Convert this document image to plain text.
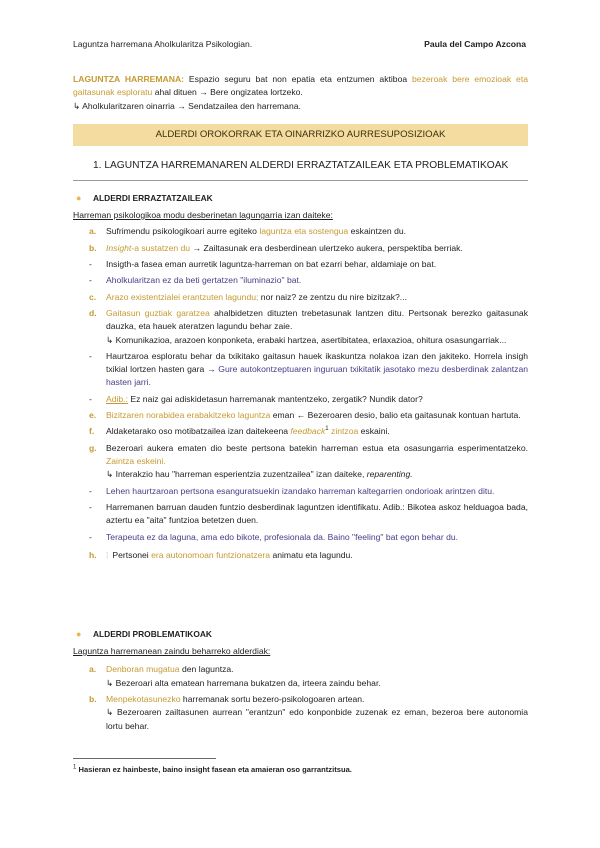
Laguntza harremana Aholkularitza Psikologian.	Paula del Campo Azcona

LAGUNTZA HARREMANA: Espazio seguru bat non epatia eta entzumen aktiboa bezeroak bere emozioak eta gaitasunak esploratu ahal dituen → Bere ongizatea lortzeko.

↳ Aholkularitzaren oinarria → Sendatzailea den harremana.

ALDERDI OROKORRAK ETA OINARRIZKO AURRESUPOSIZIOAK
1. LAGUNTZA HARREMANAREN ALDERDI ERRAZTATZAILEAK ETA PROBLEMATIKOAK
● ALDERDI ERRAZTATZAILEAK
Harreman psikologikoa modu desberinetan lagungarria izan daiteke:
a. Sufrimendu psikologikoari aurre egiteko laguntza eta sostengua eskaintzen du.
b. Insight-a sustatzen du → Zailtasunak era desberdinean ulertzeko aukera, perspektiba berriak.
- Insigth-a fasea eman aurretik laguntza-harreman on bat ezarri behar, aldamiaje on bat.
- Aholkularitzan ez da beti gertatzen "iluminazio" bat.
c. Arazo existentzialei erantzuten lagundu; nor naiz? ze zentzu du nire bizitzak?...
d. Gaitasun guztiak garatzea ahalbidetzen dituzten trebetasunak lantzen ditu. Pertsonak berezko gaitasunak dauzka, eta hauek ateratzen lagundu behar zaie.
↳ Komunikazioa, arazoen konponketa, erabaki hartzea, asertibitatea, erlaxazioa, ohitura osasungarriak...
- Haurtzaroa esploratu behar da txikitako gaitasun hauek ikaskuntza nolakoa izan den jakiteko. Horrela insigh txikial lortzen hasten gara → Gure autokontzeptuaren inguruan txikitatik jasotako mezu desberdinak zalantzan hasten jarri.
- Adib.: Ez naiz gai adiskidetasun harremanak mantentzeko, zergatik? Nundik dator?
e. Bizitzaren norabidea erabakitzeko laguntza eman ← Bezeroaren desio, balio eta gaitasunak kontuan hartuta.
f. Aldaketarako oso motibatzailea izan daitekeena feedback$^1$ zintzoa eskaini.
g. Bezeroari aukera ematen dio beste pertsona batekin harreman estua eta osasungarria esperimentatzeko. Zaintza eskeini.
↳ Interakzio hau "harreman esperientzia zuzentzailea" izan daiteke, reparenting.
- Lehen haurtzaroan pertsona esanguratsuekin izandako harreman kaltegarrien ondorioak arintzen ditu.
- Harremanen barruan dauden funtzio desberdinak laguntzen identifikatu. Adib.: Bikotea askoz helduagoa bada, aztertu ea "aita" funtzioa betetzen duen.
- Terapeuta ez da laguna, ama edo bikote, profesionala da. Baino "feeling" bat egon behar du.
h. ⁞ Pertsonei era autonomoan funtzionatzera animatu eta lagundu.
● ALDERDI PROBLEMATIKOAK
Laguntza harremanean zaindu beharreko alderdiak:
a. Denboran mugatua den laguntza.
↳ Bezeroari alta ematean harremana bukatzen da, irteera zaindu behar.
b. Menpekotasunezko harremanak sortu bezero-psikologoaren artean.
↳ Bezeroaren zailtasunen aurrean "erantzun" edo konponbide zuzenak ez eman, bezeroa bere autonomia lortu behar.
$^1$ Hasieran ez hainbeste, baino insight fasean eta amaieran oso garrantzitsua.
